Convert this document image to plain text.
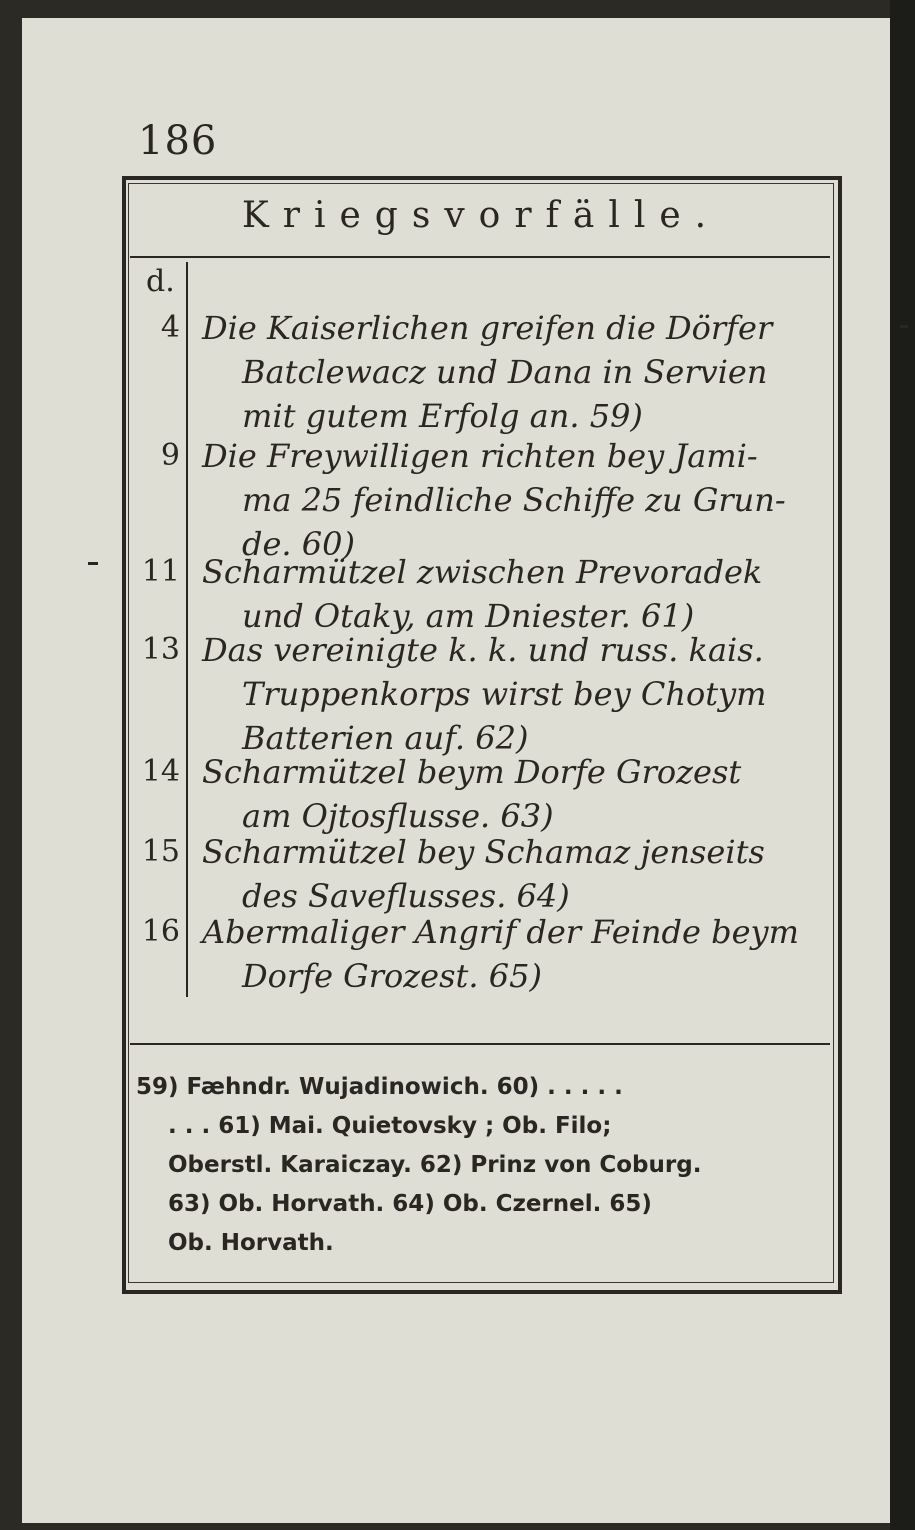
186
Kriegsvorfälle.
d.
4 Die Kaiserlichen greifen die Dörfer
Batclewacz und Dana in Servien
mit gutem Erfolg an. 59)
9 Die Freywilligen richten bey Jami-
ma 25 feindliche Schiffe zu Grun-
de. 60)
11 Scharmützel zwischen Prevoradek
und Otaky, am Dniester. 61)
13 Das vereinigte k. k. und russ. kais.
Truppenkorps wirst bey Chotym
Batterien auf. 62)
14 Scharmützel beym Dorfe Grozest
am Ojtosflusse. 63)
15 Scharmützel bey Schamaz jenseits
des Saveflusses. 64)
16 Abermaliger Angrif der Feinde beym
Dorfe Grozest. 65)
59) Fæhndr. Wujadinowich. 60) . . . . .
. . . 61) Mai. Quietovsky ; Ob. Filo;
Oberstl. Karaiczay. 62) Prinz von Coburg.
63) Ob. Horvath. 64) Ob. Czernel. 65)
Ob. Horvath.
